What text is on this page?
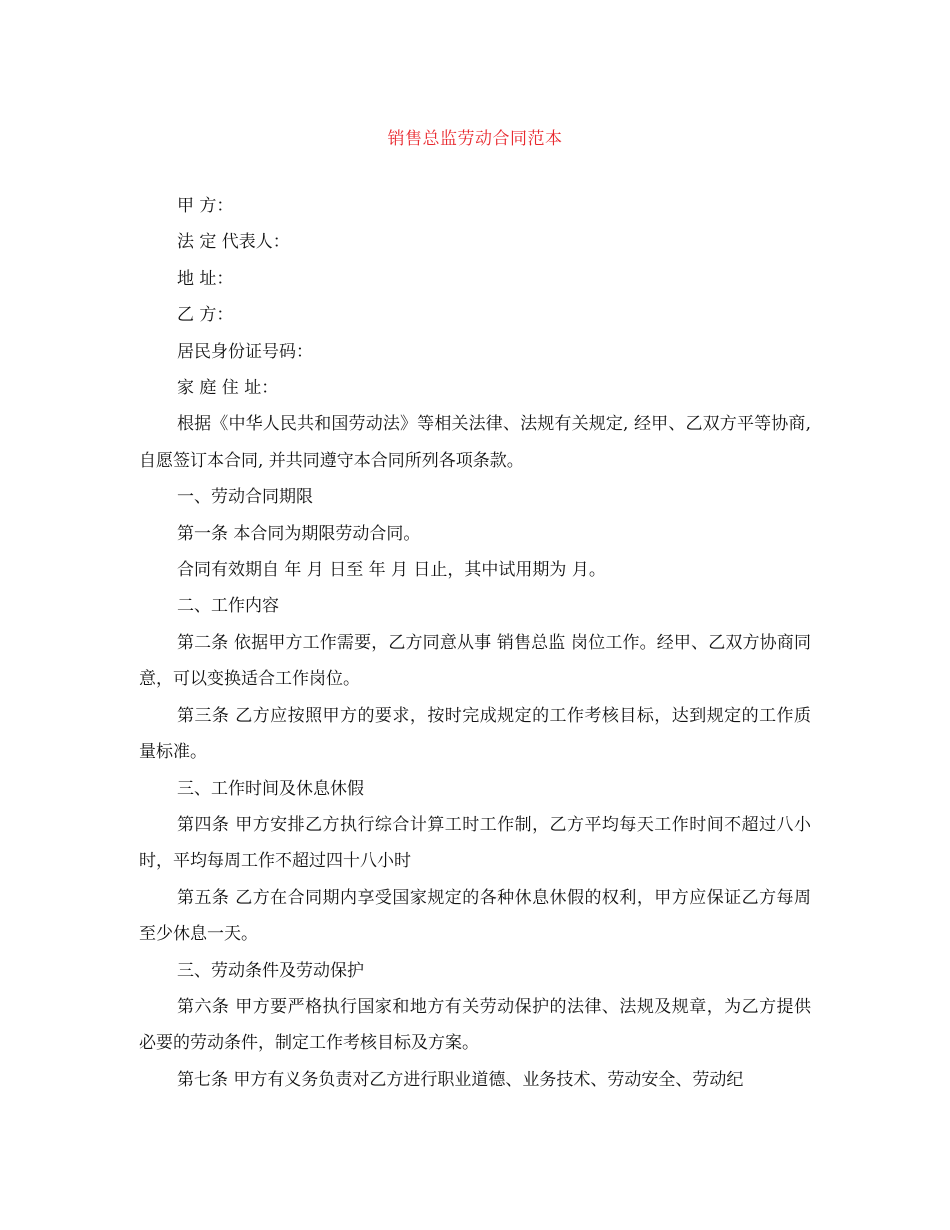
销售总监劳动合同范本

甲 方：

法 定 代表人：

地 址：

乙 方：

居民身份证号码：

家 庭 住 址：

根据《中华人民共和国劳动法》等相关法律、法规有关规定, 经甲、乙双方平等协商, 自愿签订本合同, 并共同遵守本合同所列各项条款。

一、劳动合同期限

第一条 本合同为期限劳动合同。

合同有效期自 年 月 日至 年 月 日止，其中试用期为 月。

二、工作内容

第二条 依据甲方工作需要，乙方同意从事 销售总监 岗位工作。经甲、乙双方协商同意，可以变换适合工作岗位。

第三条 乙方应按照甲方的要求，按时完成规定的工作考核目标，达到规定的工作质量标准。

三、工作时间及休息休假

第四条 甲方安排乙方执行综合计算工时工作制，乙方平均每天工作时间不超过八小时，平均每周工作不超过四十八小时

第五条 乙方在合同期内享受国家规定的各种休息休假的权利，甲方应保证乙方每周至少休息一天。

三、劳动条件及劳动保护

第六条 甲方要严格执行国家和地方有关劳动保护的法律、法规及规章，为乙方提供必要的劳动条件，制定工作考核目标及方案。

第七条 甲方有义务负责对乙方进行职业道德、业务技术、劳动安全、劳动纪
